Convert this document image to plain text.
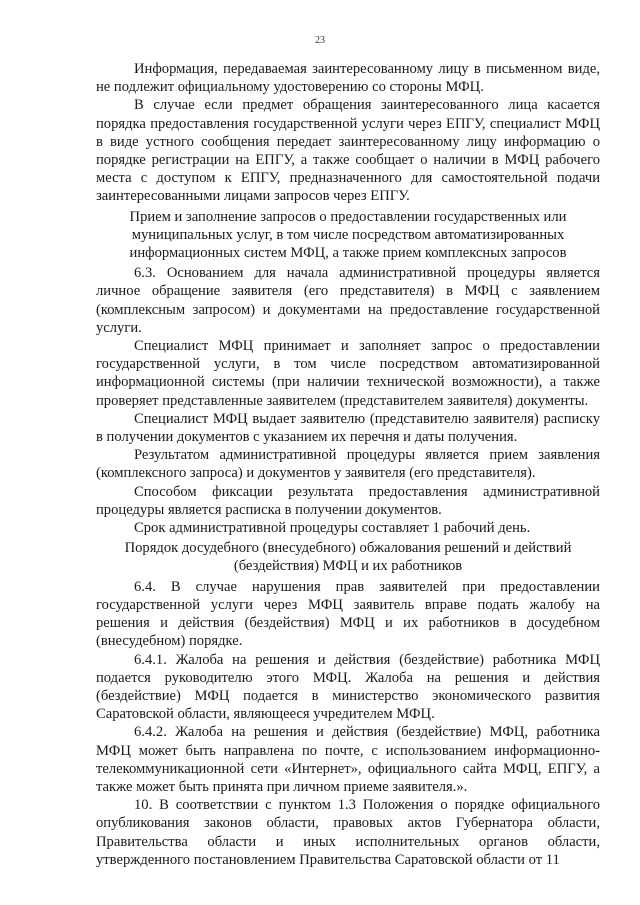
23

Информация, передаваемая заинтересованному лицу в письменном виде, не подлежит официальному удостоверению со стороны МФЦ.

В случае если предмет обращения заинтересованного лица касается порядка предоставления государственной услуги через ЕПГУ, специалист МФЦ в виде устного сообщения передает заинтересованному лицу информацию о порядке регистрации на ЕПГУ, а также сообщает о наличии в МФЦ рабочего места с доступом к ЕПГУ, предназначенного для самостоятельной подачи заинтересованными лицами запросов через ЕПГУ.

Прием и заполнение запросов о предоставлении государственных или муниципальных услуг, в том числе посредством автоматизированных информационных систем МФЦ, а также прием комплексных запросов

6.3. Основанием для начала административной процедуры является личное обращение заявителя (его представителя) в МФЦ с заявлением (комплексным запросом) и документами на предоставление государственной услуги.

Специалист МФЦ принимает и заполняет запрос о предоставлении государственной услуги, в том числе посредством автоматизированной информационной системы (при наличии технической возможности), а также проверяет представленные заявителем (представителем заявителя) документы.

Специалист МФЦ выдает заявителю (представителю заявителя) расписку в получении документов с указанием их перечня и даты получения.

Результатом административной процедуры является прием заявления (комплексного запроса) и документов у заявителя (его представителя).

Способом фиксации результата предоставления административной процедуры является расписка в получении документов.

Срок административной процедуры составляет 1 рабочий день.

Порядок досудебного (внесудебного) обжалования решений и действий (бездействия) МФЦ и их работников

6.4. В случае нарушения прав заявителей при предоставлении государственной услуги через МФЦ заявитель вправе подать жалобу на решения и действия (бездействия) МФЦ и их работников в досудебном (внесудебном) порядке.

6.4.1. Жалоба на решения и действия (бездействие) работника МФЦ подается руководителю этого МФЦ. Жалоба на решения и действия (бездействие) МФЦ подается в министерство экономического развития Саратовской области, являющееся учредителем МФЦ.

6.4.2. Жалоба на решения и действия (бездействие) МФЦ, работника МФЦ может быть направлена по почте, с использованием информационно-телекоммуникационной сети «Интернет», официального сайта МФЦ, ЕПГУ, а также может быть принята при личном приеме заявителя.».

10. В соответствии с пунктом 1.3 Положения о порядке официального опубликования законов области, правовых актов Губернатора области, Правительства области и иных исполнительных органов области, утвержденного постановлением Правительства Саратовской области от 11
